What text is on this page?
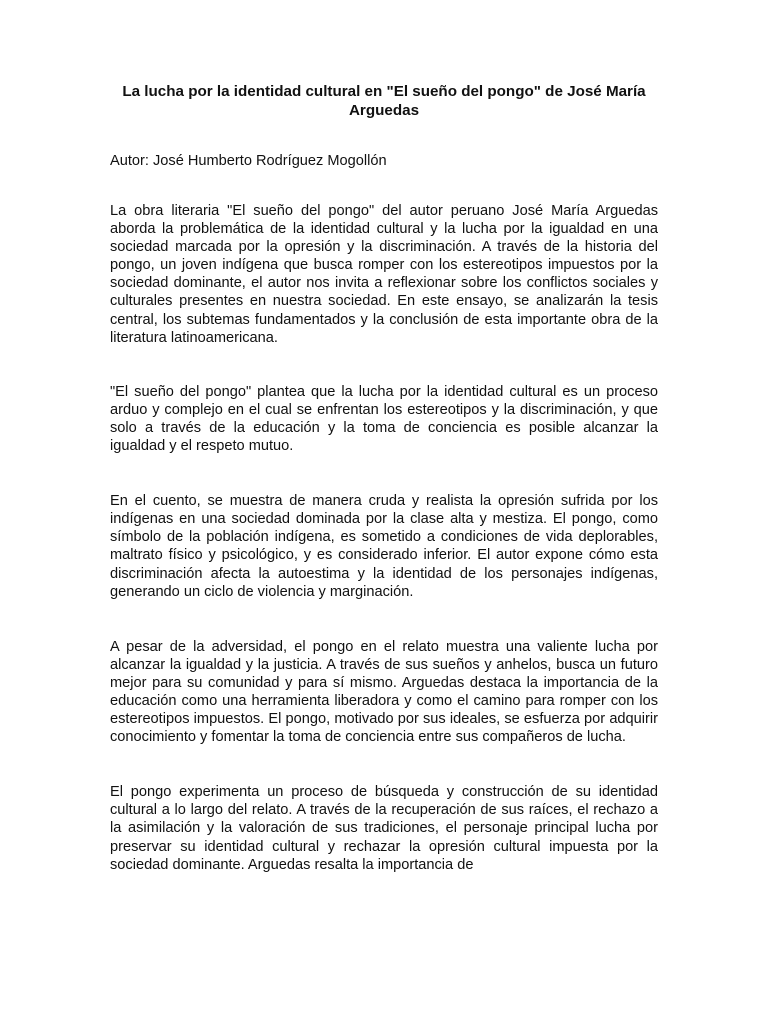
La lucha por la identidad cultural en "El sueño del pongo" de José María Arguedas

Autor: José Humberto Rodríguez Mogollón

La obra literaria "El sueño del pongo" del autor peruano José María Arguedas aborda la problemática de la identidad cultural y la lucha por la igualdad en una sociedad marcada por la opresión y la discriminación. A través de la historia del pongo, un joven indígena que busca romper con los estereotipos impuestos por la sociedad dominante, el autor nos invita a reflexionar sobre los conflictos sociales y culturales presentes en nuestra sociedad. En este ensayo, se analizarán la tesis central, los subtemas fundamentados y la conclusión de esta importante obra de la literatura latinoamericana.

"El sueño del pongo" plantea que la lucha por la identidad cultural es un proceso arduo y complejo en el cual se enfrentan los estereotipos y la discriminación, y que solo a través de la educación y la toma de conciencia es posible alcanzar la igualdad y el respeto mutuo.

En el cuento, se muestra de manera cruda y realista la opresión sufrida por los indígenas en una sociedad dominada por la clase alta y mestiza. El pongo, como símbolo de la población indígena, es sometido a condiciones de vida deplorables, maltrato físico y psicológico, y es considerado inferior. El autor expone cómo esta discriminación afecta la autoestima y la identidad de los personajes indígenas, generando un ciclo de violencia y marginación.

A pesar de la adversidad, el pongo en el relato muestra una valiente lucha por alcanzar la igualdad y la justicia. A través de sus sueños y anhelos, busca un futuro mejor para su comunidad y para sí mismo. Arguedas destaca la importancia de la educación como una herramienta liberadora y como el camino para romper con los estereotipos impuestos. El pongo, motivado por sus ideales, se esfuerza por adquirir conocimiento y fomentar la toma de conciencia entre sus compañeros de lucha.

El pongo experimenta un proceso de búsqueda y construcción de su identidad cultural a lo largo del relato. A través de la recuperación de sus raíces, el rechazo a la asimilación y la valoración de sus tradiciones, el personaje principal lucha por preservar su identidad cultural y rechazar la opresión cultural impuesta por la sociedad dominante. Arguedas resalta la importancia de
